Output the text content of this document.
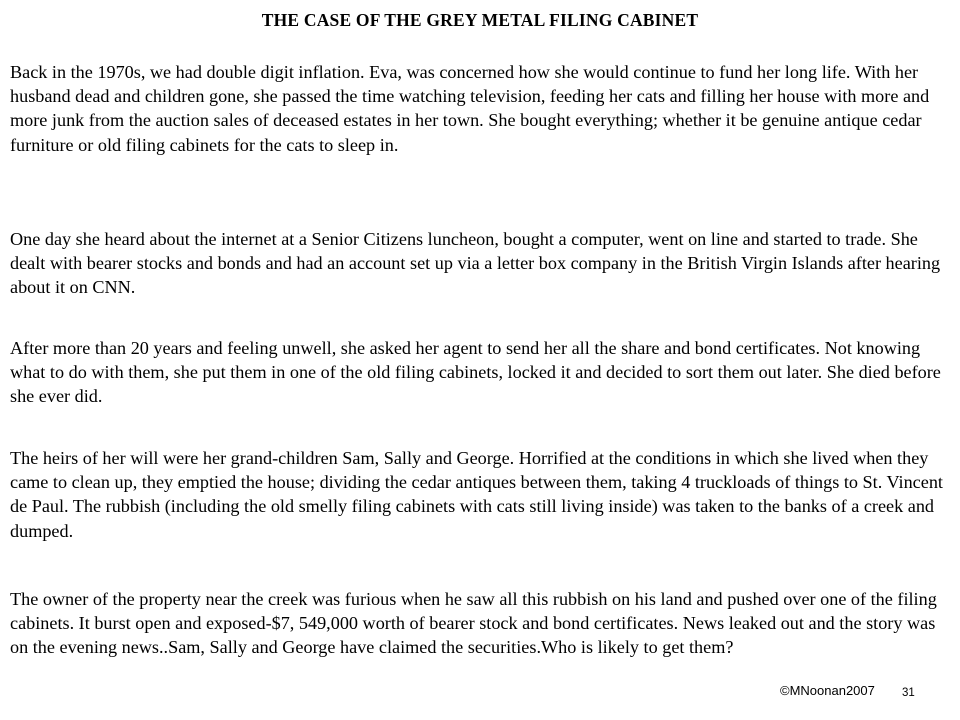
THE CASE OF THE GREY METAL FILING CABINET

Back in the 1970s, we had double digit inflation. Eva, was concerned how she would continue to fund her long life. With her husband dead and children gone, she passed the time watching television, feeding her cats and filling her house with more and more junk from the auction sales of deceased estates in her town. She bought everything; whether it be genuine antique cedar furniture or old filing cabinets for the cats to sleep in.

One day she heard about the internet at a Senior Citizens luncheon, bought a computer, went on line and started to trade. She dealt with bearer stocks and bonds and had an account set up via a letter box company in the British Virgin Islands after hearing about it on CNN.

After more than 20 years and feeling unwell, she asked her agent to send her all the share and bond certificates. Not knowing what to do with them, she put them in one of the old filing cabinets, locked it and decided to sort them out later. She died before she ever did.

The heirs of her will were her grand-children Sam, Sally and George. Horrified at the conditions in which she lived when they came to clean up, they emptied the house; dividing the cedar antiques between them, taking 4 truckloads of things to St. Vincent de Paul. The rubbish (including the old smelly filing cabinets with cats still living inside) was taken to the banks of a creek and dumped.

The owner of the property near the creek was furious when he saw all this rubbish on his land and pushed over one of the filing cabinets. It burst open and exposed-$7, 549,000 worth of bearer stock and bond certificates. News leaked out and the story was on the evening news..Sam, Sally and George have claimed the securities.Who is likely to get them?

©MNoonan2007 31
